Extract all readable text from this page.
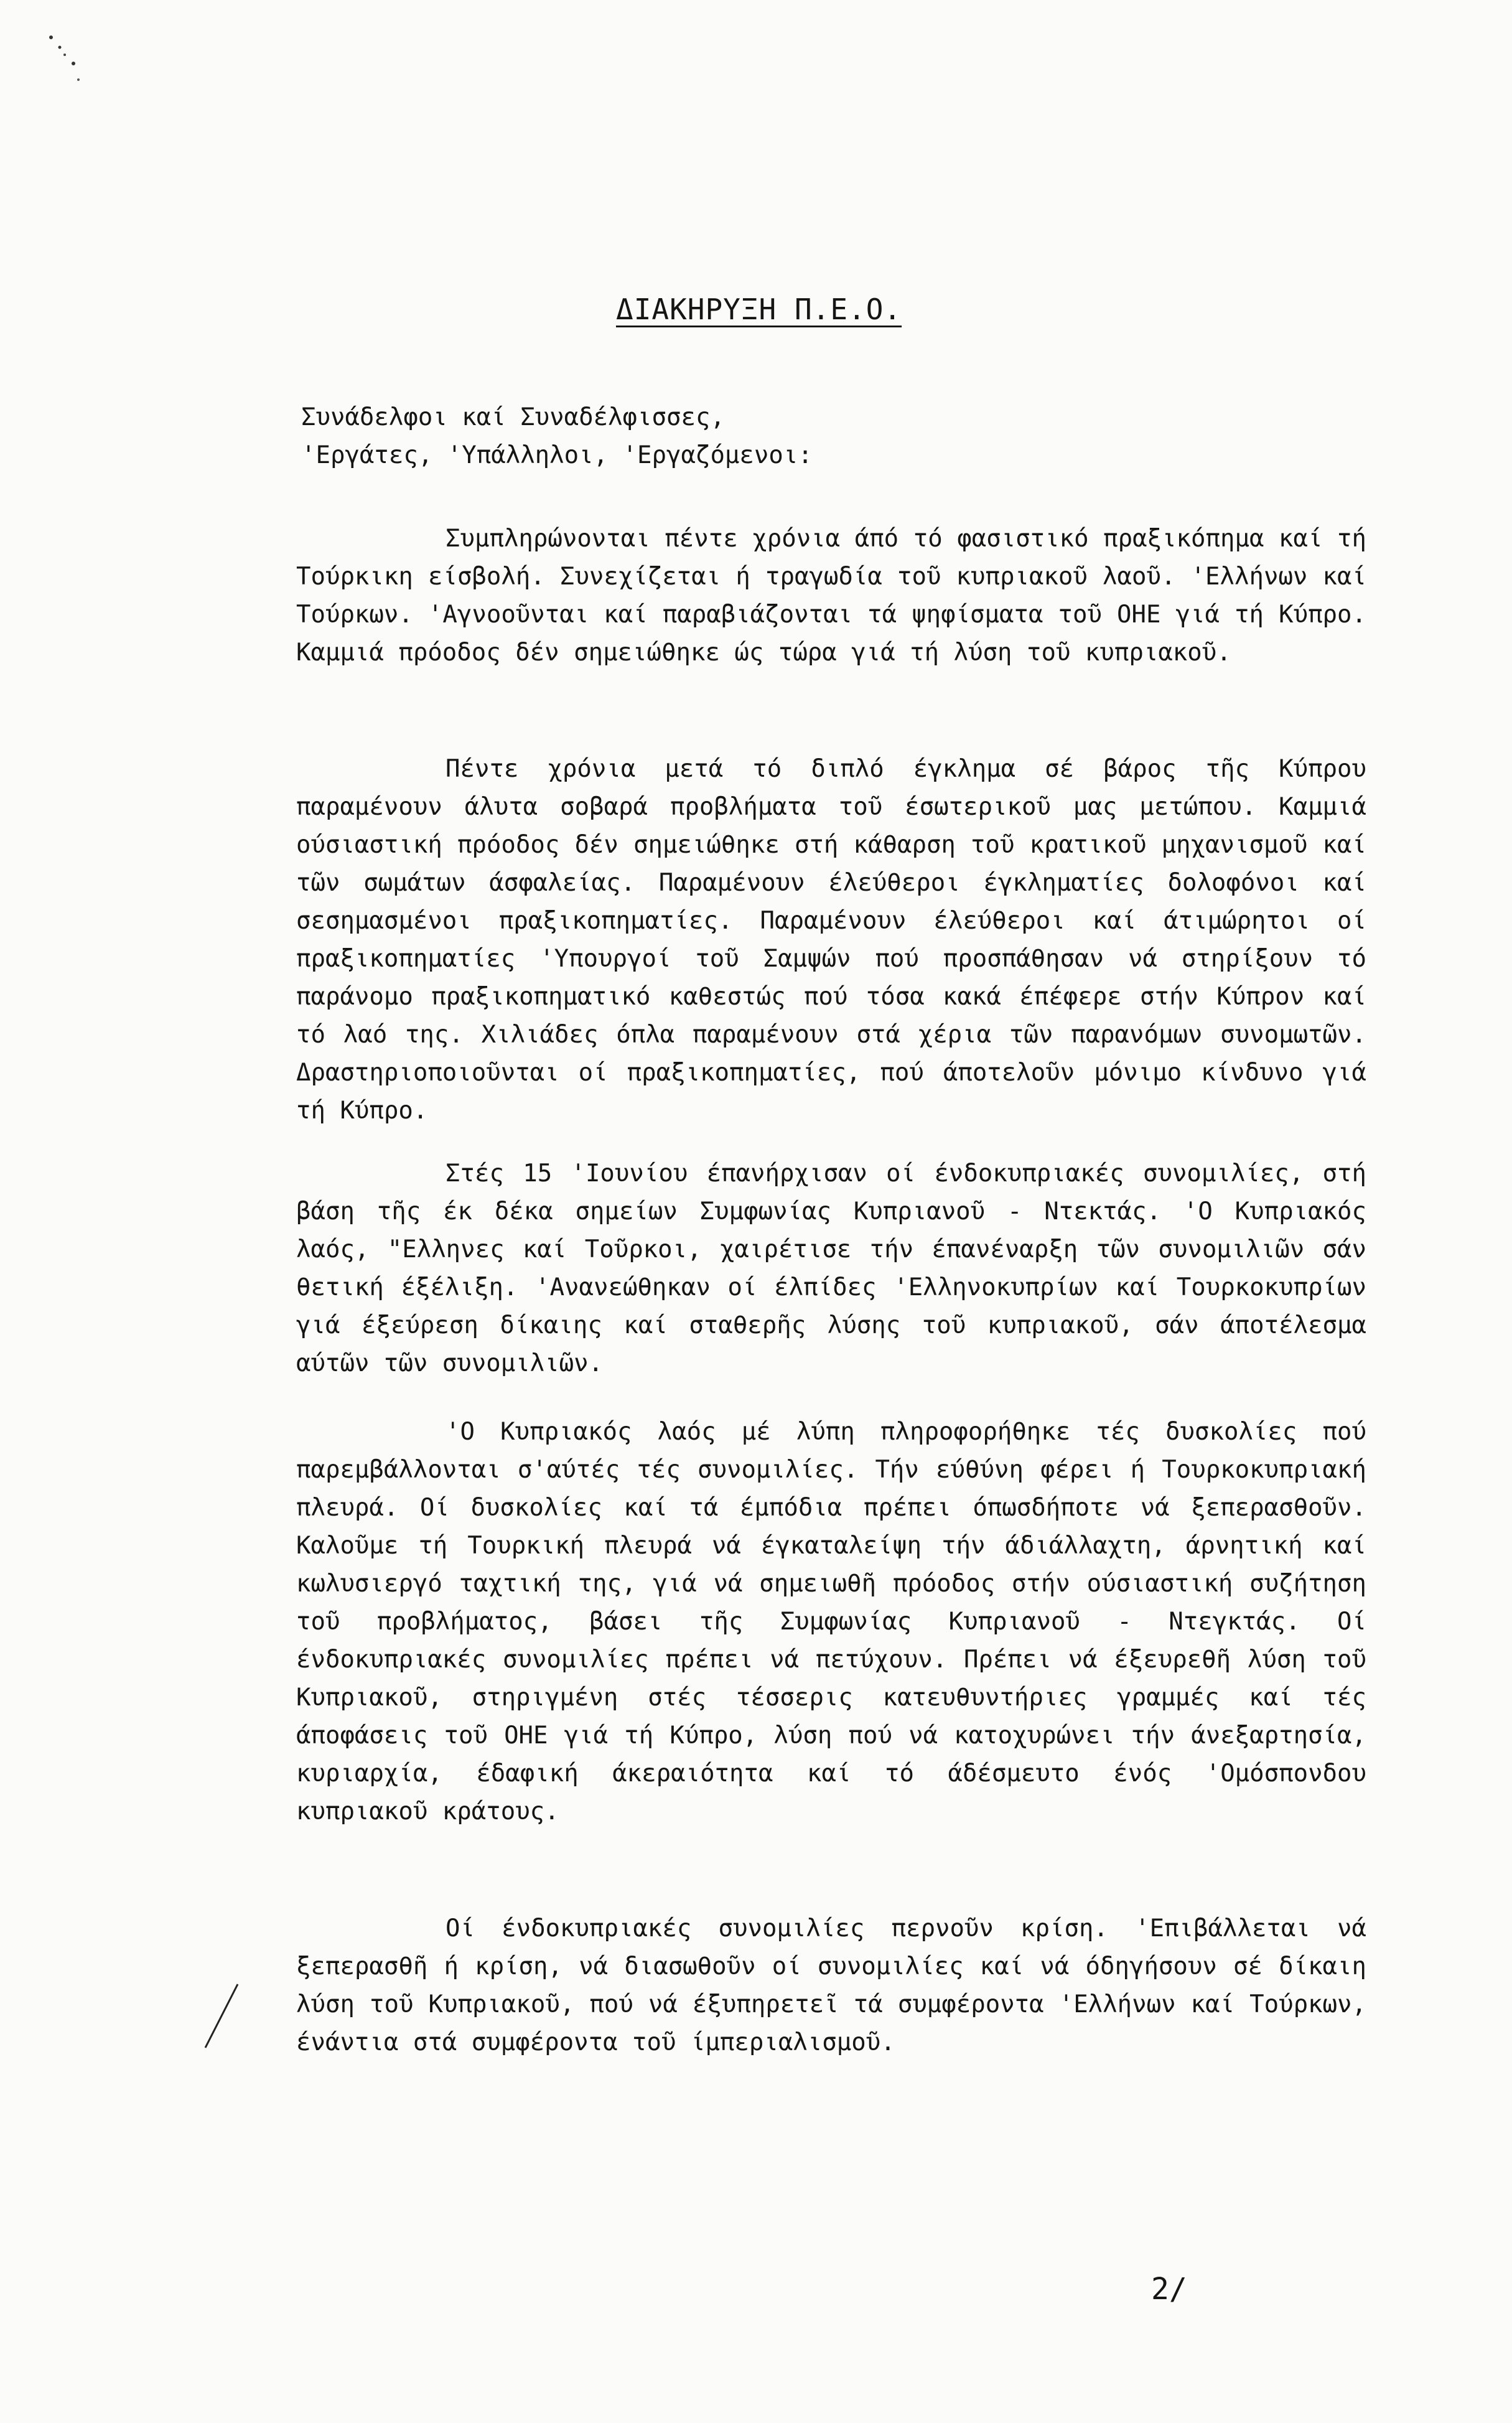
ΔΙΑΚΗΡΥΞΗ Π.Ε.Ο.
Συνάδελφοι καί Συναδέλφισσες,
'Εργάτες, 'Υπάλληλοι, 'Εργαζόμενοι:

Συμπληρώνονται πέντε χρόνια άπό τό φασιστικό πραξικόπημα καί τή Τούρκικη είσβολή. Συνεχίζεται ή τραγωδία τοῦ κυπριακοῦ λαοῦ. 'Ελλήνων καί Τούρκων. 'Αγνοοῦνται καί παραβιάζονται τά ψηφίσματα τοῦ ΟΗΕ γιά τή Κύπρο. Καμμιά πρόοδος δέν σημειώθηκε ώς τώρα γιά τή λύση τοῦ κυπριακοῦ.

Πέντε χρόνια μετά τό διπλό έγκλημα σέ βάρος τῆς Κύπρου παραμένουν άλυτα σοβαρά προβλήματα τοῦ έσωτερικοῦ μας μετώπου. Καμμιά ούσιαστική πρόοδος δέν σημειώθηκε στή κάθαρση τοῦ κρατικοῦ μηχανισμοῦ καί τῶν σωμάτων άσφαλείας. Παραμένουν έλεύθεροι έγκληματίες δολοφόνοι καί σεσημασμένοι πραξικοπηματίες. Παραμένουν έλεύθεροι καί άτιμώρητοι οί πραξικοπηματίες 'Υπουργοί τοῦ Σαμψών πού προσπάθησαν νά στηρίξουν τό παράνομο πραξικοπηματικό καθεστώς πού τόσα κακά έπέφερε στήν Κύπρον καί τό λαό της. Χιλιάδες όπλα παραμένουν στά χέρια τῶν παρανόμων συνομωτῶν. Δραστηριοποιοῦνται οί πραξικοπηματίες, πού άποτελοῦν μόνιμο κίνδυνο γιά τή Κύπρο.

Στές 15 'Ιουνίου έπανήρχισαν οί ένδοκυπριακές συνομιλίες, στή βάση τῆς έκ δέκα σημείων Συμφωνίας Κυπριανοῦ - Ντεκτάς. 'Ο Κυπριακός λαός, "Ελληνες καί Τοῦρκοι, χαιρέτισε τήν έπανέναρξη τῶν συνομιλιῶν σάν θετική έξέλιξη. 'Ανανεώθηκαν οί έλπίδες 'Ελληνοκυπρίων καί Τουρκοκυπρίων γιά έξεύρεση δίκαιης καί σταθερῆς λύσης τοῦ κυπριακοῦ, σάν άποτέλεσμα αύτῶν τῶν συνομιλιῶν.

'Ο Κυπριακός λαός μέ λύπη πληροφορήθηκε τές δυσκολίες πού παρεμβάλλονται σ'αύτές τές συνομιλίες. Τήν εύθύνη φέρει ή Τουρκοκυπριακή πλευρά. Οί δυσκολίες καί τά έμπόδια πρέπει όπωσδήποτε νά ξεπερασθοῦν. Καλοῦμε τή Τουρκική πλευρά νά έγκαταλείψη τήν άδιάλλαχτη, άρνητική καί κωλυσιεργό ταχτική της, γιά νά σημειωθῆ πρόοδος στήν ούσιαστική συζήτηση τοῦ προβλήματος, βάσει τῆς Συμφωνίας Κυπριανοῦ - Ντεγκτάς. Οί ένδοκυπριακές συνομιλίες πρέπει νά πετύχουν. Πρέπει νά έξευρεθῆ λύση τοῦ Κυπριακοῦ, στηριγμένη στές τέσσερις κατευθυντήριες γραμμές καί τές άποφάσεις τοῦ ΟΗΕ γιά τή Κύπρο, λύση πού νά κατοχυρώνει τήν άνεξαρτησία, κυριαρχία, έδαφική άκεραιότητα καί τό άδέσμευτο ένός 'Ομόσπονδου κυπριακοῦ κράτους.

Οί ένδοκυπριακές συνομιλίες περνοῦν κρίση. 'Επιβάλλεται νά ξεπερασθῆ ή κρίση, νά διασωθοῦν οί συνομιλίες καί νά όδηγήσουν σέ δίκαιη λύση τοῦ Κυπριακοῦ, πού νά έξυπηρετεῖ τά συμφέροντα 'Ελλήνων καί Τούρκων, ένάντια στά συμφέροντα τοῦ ίμπεριαλισμοῦ.

2/
